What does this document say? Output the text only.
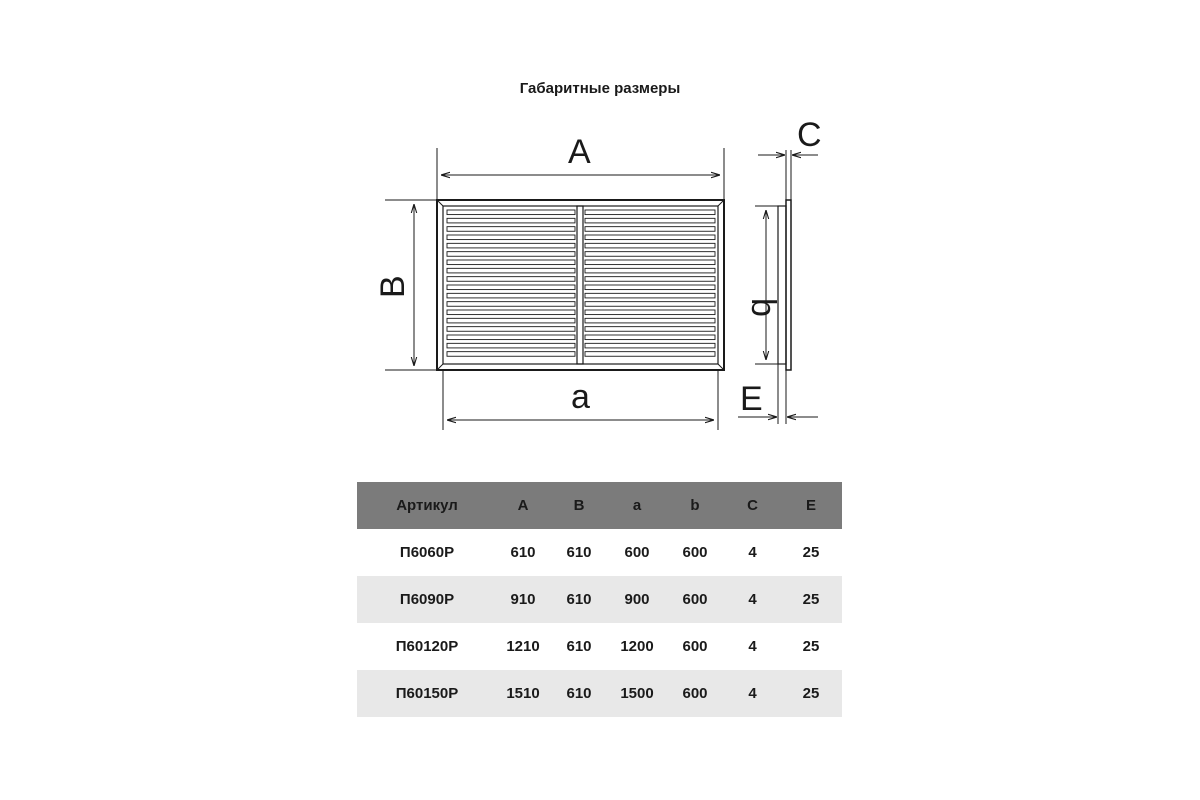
Габаритные размеры
A
a
B
b
C
E
Артикул	A	B	a	b	C	E
П6060Р	610	610	600	600	4	25
П6090Р	910	610	900	600	4	25
П60120Р	1210	610	1200	600	4	25
П60150Р	1510	610	1500	600	4	25
